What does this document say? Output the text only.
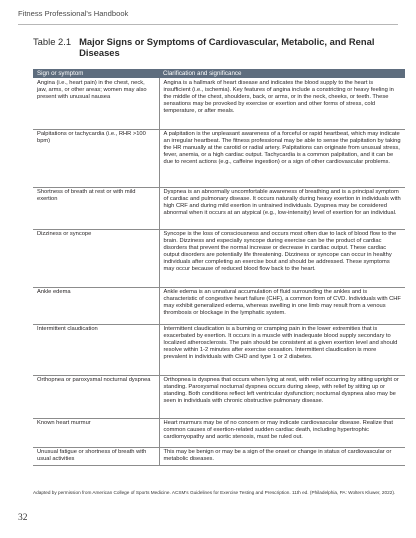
Fitness Professional's Handbook
Table 2.1 Major Signs or Symptoms of Cardiovascular, Metabolic, and Renal Diseases
Sign or symptom	Clarification and significance
Angina (i.e., heart pain) in the chest, neck, jaw, arms, or other areas; women may also present with unusual nausea	Angina is a hallmark of heart disease and indicates the blood supply to the heart is insufficient (i.e., ischemia). Key features of angina include a constricting or heavy feeling in the middle of the chest, shoulders, back, or arms, or in the neck, cheeks, or teeth. These sensations may be provoked by exercise or exertion and other forms of stress, cold temperature, or after meals.
Palpitations or tachycardia (i.e., RHR >100 bpm)	A palpitation is the unpleasant awareness of a forceful or rapid heartbeat, which may indicate an irregular heartbeat. The fitness professional may be able to sense the palpitation by taking the HR manually at the carotid or radial artery. Palpitations can originate from unusual stress, fever, anemia, or a high cardiac output. Tachycardia is a common palpitation, and it can be due to recent actions (e.g., caffeine ingestion) or a sign of other cardiovascular problems.
Shortness of breath at rest or with mild exertion	Dyspnea is an abnormally uncomfortable awareness of breathing and is a principal symptom of cardiac and pulmonary disease. It occurs naturally during heavy exertion in individuals with high CRF and during mild exertion in untrained individuals. Dyspnea may be considered abnormal when it occurs at an atypical (e.g., low-intensity) level of exertion for an individual.
Dizziness or syncope	Syncope is the loss of consciousness and occurs most often due to lack of blood flow to the brain. Dizziness and especially syncope during exercise can be the product of cardiac disorders that prevent the normal increase or decrease in cardiac output. These cardiac output disorders are potentially life threatening. Dizziness or syncope can occur in healthy individuals after completing an exercise bout and should be addressed. These symptoms may occur because of reduced blood flow back to the heart.
Ankle edema	Ankle edema is an unnatural accumulation of fluid surrounding the ankles and is characteristic of congestive heart failure (CHF), a common form of CVD. Individuals with CHF may exhibit generalized edema, whereas swelling in one limb may result from a venous thrombosis or blockage in the lymphatic system.
Intermittent claudication	Intermittent claudication is a burning or cramping pain in the lower extremities that is exacerbated by exertion. It occurs in a muscle with inadequate blood supply secondary to localized atherosclerosis. The pain should be consistent at a given exertion level and should resolve within 1-2 minutes after exercise cessation. Intermittent claudication is more prevalent in individuals with CHD and type 1 or 2 diabetes.
Orthopnea or paroxysmal nocturnal dyspnea	Orthopnea is dyspnea that occurs when lying at rest, with relief occurring by sitting upright or standing. Paroxysmal nocturnal dyspnea occurs during sleep, with relief by sitting up or standing. Both conditions reflect left ventricular dysfunction; nocturnal dyspnea also may be seen in individuals with chronic obstructive pulmonary disease.
Known heart murmur	Heart murmurs may be of no concern or may indicate cardiovascular disease. Realize that common causes of exertion-related sudden cardiac death, including hypertrophic cardiomyopathy and aortic stenosis, must be ruled out.
Unusual fatigue or shortness of breath with usual activities	This may be benign or may be a sign of the onset or change in status of cardiovascular or metabolic diseases.
Adapted by permission from American College of Sports Medicine. ACSM's Guidelines for Exercise Testing and Prescription. 11th ed. (Philadelphia, PA: Wolters Kluwer, 2022).
32
